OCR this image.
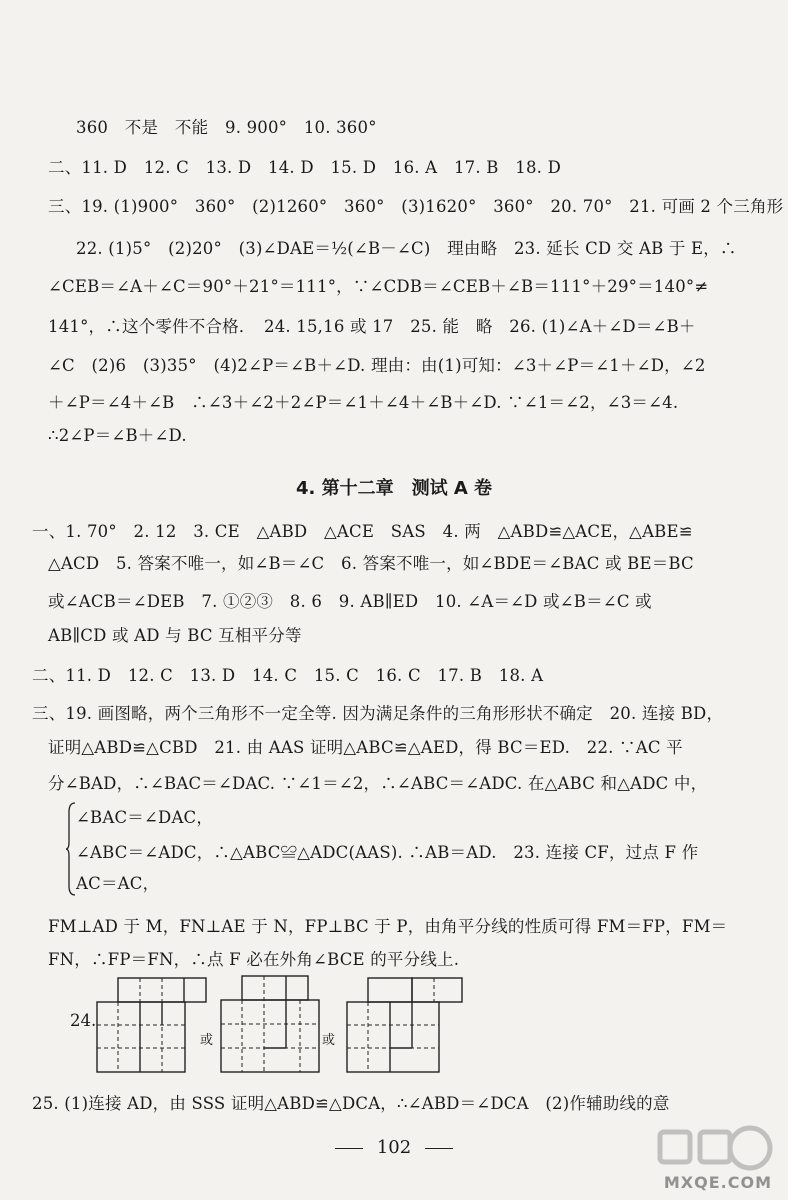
360　不是　不能　9. 900°　10. 360°
二、11. D　12. C　13. D　14. D　15. D　16. A　17. B　18. D
三、19. (1)900°　360°　(2)1260°　360°　(3)1620°　360°　20. 70°　21. 可画 2 个三角形
22. (1)5°　(2)20°　(3)∠DAE＝½(∠B－∠C)　理由略　23. 延长 CD 交 AB 于 E，∴
∠CEB＝∠A＋∠C＝90°＋21°＝111°，∵∠CDB＝∠CEB＋∠B＝111°＋29°＝140°≠
141°，∴这个零件不合格．　24. 15,16 或 17　25. 能　略　26. (1)∠A＋∠D＝∠B＋
∠C　(2)6　(3)35°　(4)2∠P＝∠B＋∠D. 理由：由(1)可知：∠3＋∠P＝∠1＋∠D，∠2
＋∠P＝∠4＋∠B　∴∠3＋∠2＋2∠P＝∠1＋∠4＋∠B＋∠D. ∵∠1＝∠2，∠3＝∠4.
∴2∠P＝∠B＋∠D.
4. 第十二章　测试 A 卷
一、1. 70°　2. 12　3. CE　△ABD　△ACE　SAS　4. 两　△ABD≌△ACE，△ABE≌
△ACD　5. 答案不唯一，如∠B＝∠C　6. 答案不唯一，如∠BDE＝∠BAC 或 BE＝BC
或∠ACB＝∠DEB　7. ①②③　8. 6　9. AB∥ED　10. ∠A＝∠D 或∠B＝∠C 或
AB∥CD 或 AD 与 BC 互相平分等
二、11. D　12. C　13. D　14. C　15. C　16. C　17. B　18. A
三、19. 画图略，两个三角形不一定全等. 因为满足条件的三角形形状不确定　20. 连接 BD，
证明△ABD≌△CBD　21. 由 AAS 证明△ABC≌△AED，得 BC＝ED.　22. ∵AC 平
分∠BAD，∴∠BAC＝∠DAC. ∵∠1＝∠2，∴∠ABC＝∠ADC. 在△ABC 和△ADC 中，
∠BAC＝∠DAC，
∠ABC＝∠ADC，∴△ABC≌△ADC(AAS). ∴AB＝AD.　23. 连接 CF，过点 F 作
AC＝AC，
FM⊥AD 于 M，FN⊥AE 于 N，FP⊥BC 于 P，由角平分线的性质可得 FM＝FP，FM＝
FN，∴FP＝FN，∴点 F 必在外角∠BCE 的平分线上.
24.
或	或
25. (1)连接 AD，由 SSS 证明△ABD≌△DCA，∴∠ABD＝∠DCA　(2)作辅助线的意
102
MXQE.COM
